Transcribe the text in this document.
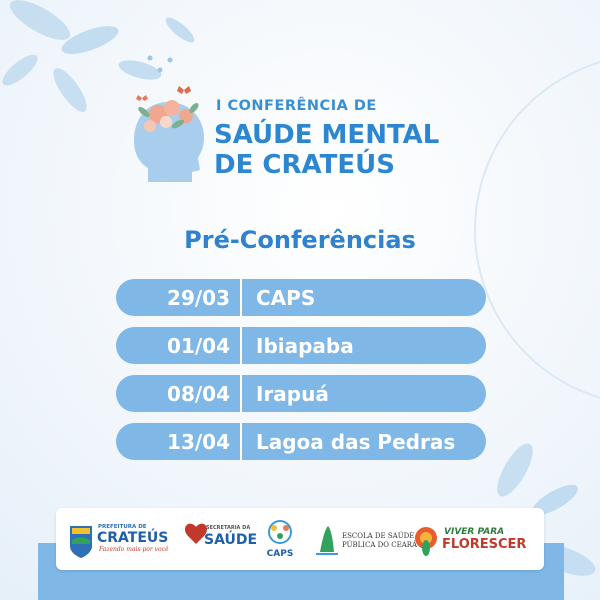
I CONFERÊNCIA DE
SAÚDE MENTAL
DE CRATEÚS
Pré-Conferências
29/03	CAPS
01/04	Ibiapaba
08/04	Irapuá
13/04	Lagoa das Pedras
PREFEITURA DE
CRATEÚS
Fazendo mais por você
SECRETARIA DA
SAÚDE
CAPS
ESCOLA DE SAÚDE
PÚBLICA DO CEARÁ
VIVER PARA
FLORESCER
